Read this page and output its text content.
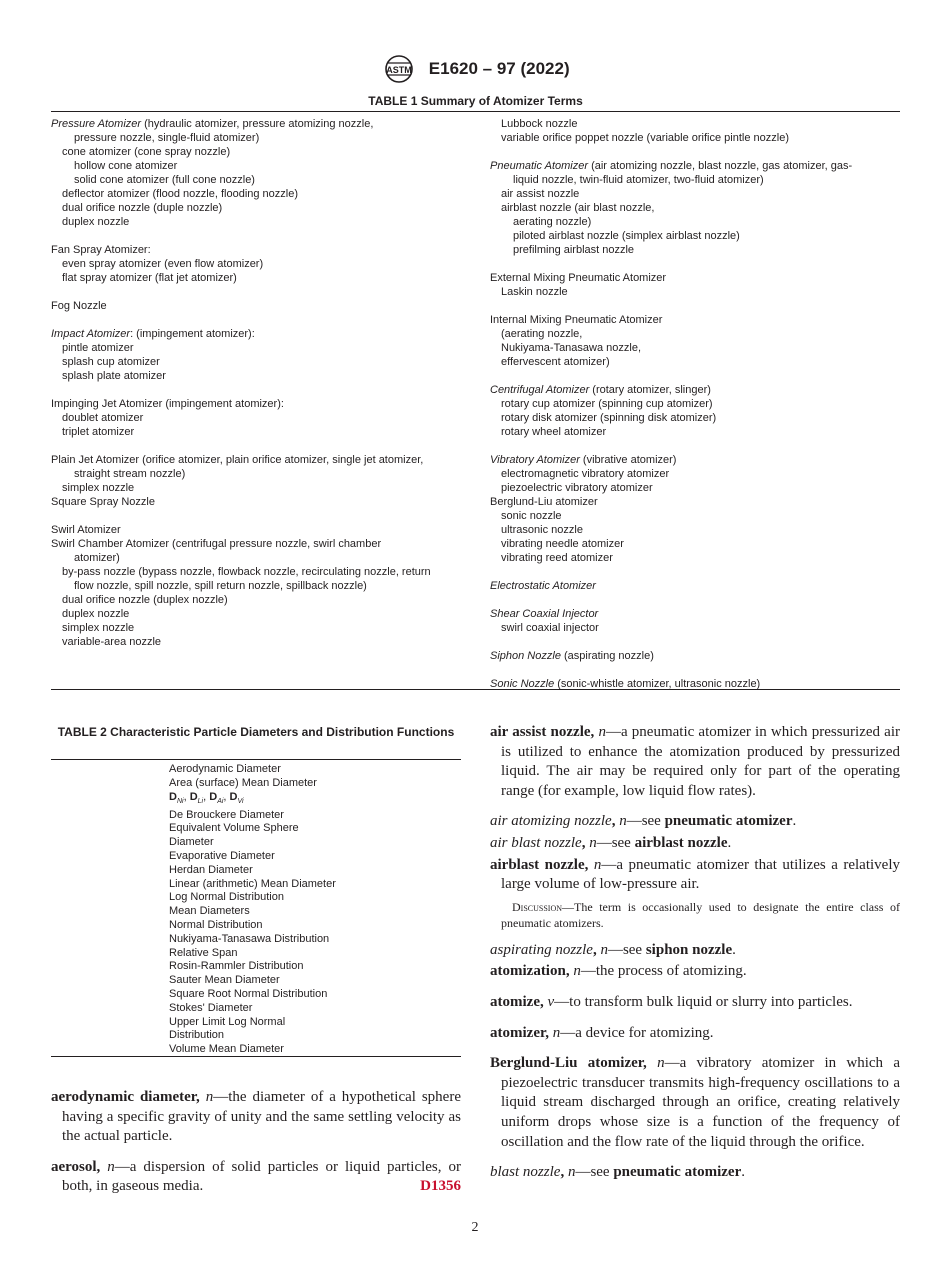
ASTM E1620 – 97 (2022)
TABLE 1 Summary of Atomizer Terms
Pressure Atomizer (hydraulic atomizer, pressure atomizing nozzle,
pressure nozzle, single-fluid atomizer)
cone atomizer (cone spray nozzle)
hollow cone atomizer
solid cone atomizer (full cone nozzle)
deflector atomizer (flood nozzle, flooding nozzle)
dual orifice nozzle (duple nozzle)
duplex nozzle
Fan Spray Atomizer:
even spray atomizer (even flow atomizer)
flat spray atomizer (flat jet atomizer)
Fog Nozzle
Impact Atomizer: (impingement atomizer):
pintle atomizer
splash cup atomizer
splash plate atomizer
Impinging Jet Atomizer (impingement atomizer):
doublet atomizer
triplet atomizer
Plain Jet Atomizer (orifice atomizer, plain orifice atomizer, single jet atomizer,
straight stream nozzle)
simplex nozzle
Square Spray Nozzle
Swirl Atomizer
Swirl Chamber Atomizer (centrifugal pressure nozzle, swirl chamber
atomizer)
by-pass nozzle (bypass nozzle, flowback nozzle, recirculating nozzle, return
flow nozzle, spill nozzle, spill return nozzle, spillback nozzle)
dual orifice nozzle (duplex nozzle)
duplex nozzle
simplex nozzle
variable-area nozzle
Lubbock nozzle
variable orifice poppet nozzle (variable orifice pintle nozzle)
Pneumatic Atomizer (air atomizing nozzle, blast nozzle, gas atomizer, gas-
liquid nozzle, twin-fluid atomizer, two-fluid atomizer)
air assist nozzle
airblast nozzle (air blast nozzle,
aerating nozzle)
piloted airblast nozzle (simplex airblast nozzle)
prefilming airblast nozzle
External Mixing Pneumatic Atomizer
Laskin nozzle
Internal Mixing Pneumatic Atomizer
(aerating nozzle,
Nukiyama-Tanasawa nozzle,
effervescent atomizer)
Centrifugal Atomizer (rotary atomizer, slinger)
rotary cup atomizer (spinning cup atomizer)
rotary disk atomizer (spinning disk atomizer)
rotary wheel atomizer
Vibratory Atomizer (vibrative atomizer)
electromagnetic vibratory atomizer
piezoelectric vibratory atomizer
Berglund-Liu atomizer
sonic nozzle
ultrasonic nozzle
vibrating needle atomizer
vibrating reed atomizer
Electrostatic Atomizer
Shear Coaxial Injector
swirl coaxial injector
Siphon Nozzle (aspirating nozzle)
Sonic Nozzle (sonic-whistle atomizer, ultrasonic nozzle)
TABLE 2 Characteristic Particle Diameters and Distribution Functions
Aerodynamic Diameter
Area (surface) Mean Diameter
$D_{Ni}$, $D_{Li}$, $D_{Ai}$, $D_{Vi}$
De Brouckere Diameter
Equivalent Volume Sphere
Diameter
Evaporative Diameter
Herdan Diameter
Linear (arithmetic) Mean Diameter
Log Normal Distribution
Mean Diameters
Normal Distribution
Nukiyama-Tanasawa Distribution
Relative Span
Rosin-Rammler Distribution
Sauter Mean Diameter
Square Root Normal Distribution
Stokes' Diameter
Upper Limit Log Normal
Distribution
Volume Mean Diameter

aerodynamic diameter, n—the diameter of a hypothetical sphere having a specific gravity of unity and the same settling velocity as the actual particle.

aerosol, n—a dispersion of solid particles or liquid particles, or both, in gaseous media.	D1356

air assist nozzle, n—a pneumatic atomizer in which pressurized air is utilized to enhance the atomization produced by pressurized liquid. The air may be required only for part of the operating range (for example, low liquid flow rates).

air atomizing nozzle, n—see pneumatic atomizer.

air blast nozzle, n—see airblast nozzle.

airblast nozzle, n—a pneumatic atomizer that utilizes a relatively large volume of low-pressure air.

Discussion—The term is occasionally used to designate the entire class of pneumatic atomizers.

aspirating nozzle, n—see siphon nozzle.

atomization, n—the process of atomizing.

atomize, v—to transform bulk liquid or slurry into particles.

atomizer, n—a device for atomizing.

Berglund-Liu atomizer, n—a vibratory atomizer in which a piezoelectric transducer transmits high-frequency oscillations to a liquid stream discharged through an orifice, creating relatively uniform drops whose size is a function of the frequency of oscillation and the flow rate of the liquid through the orifice.

blast nozzle, n—see pneumatic atomizer.

2
